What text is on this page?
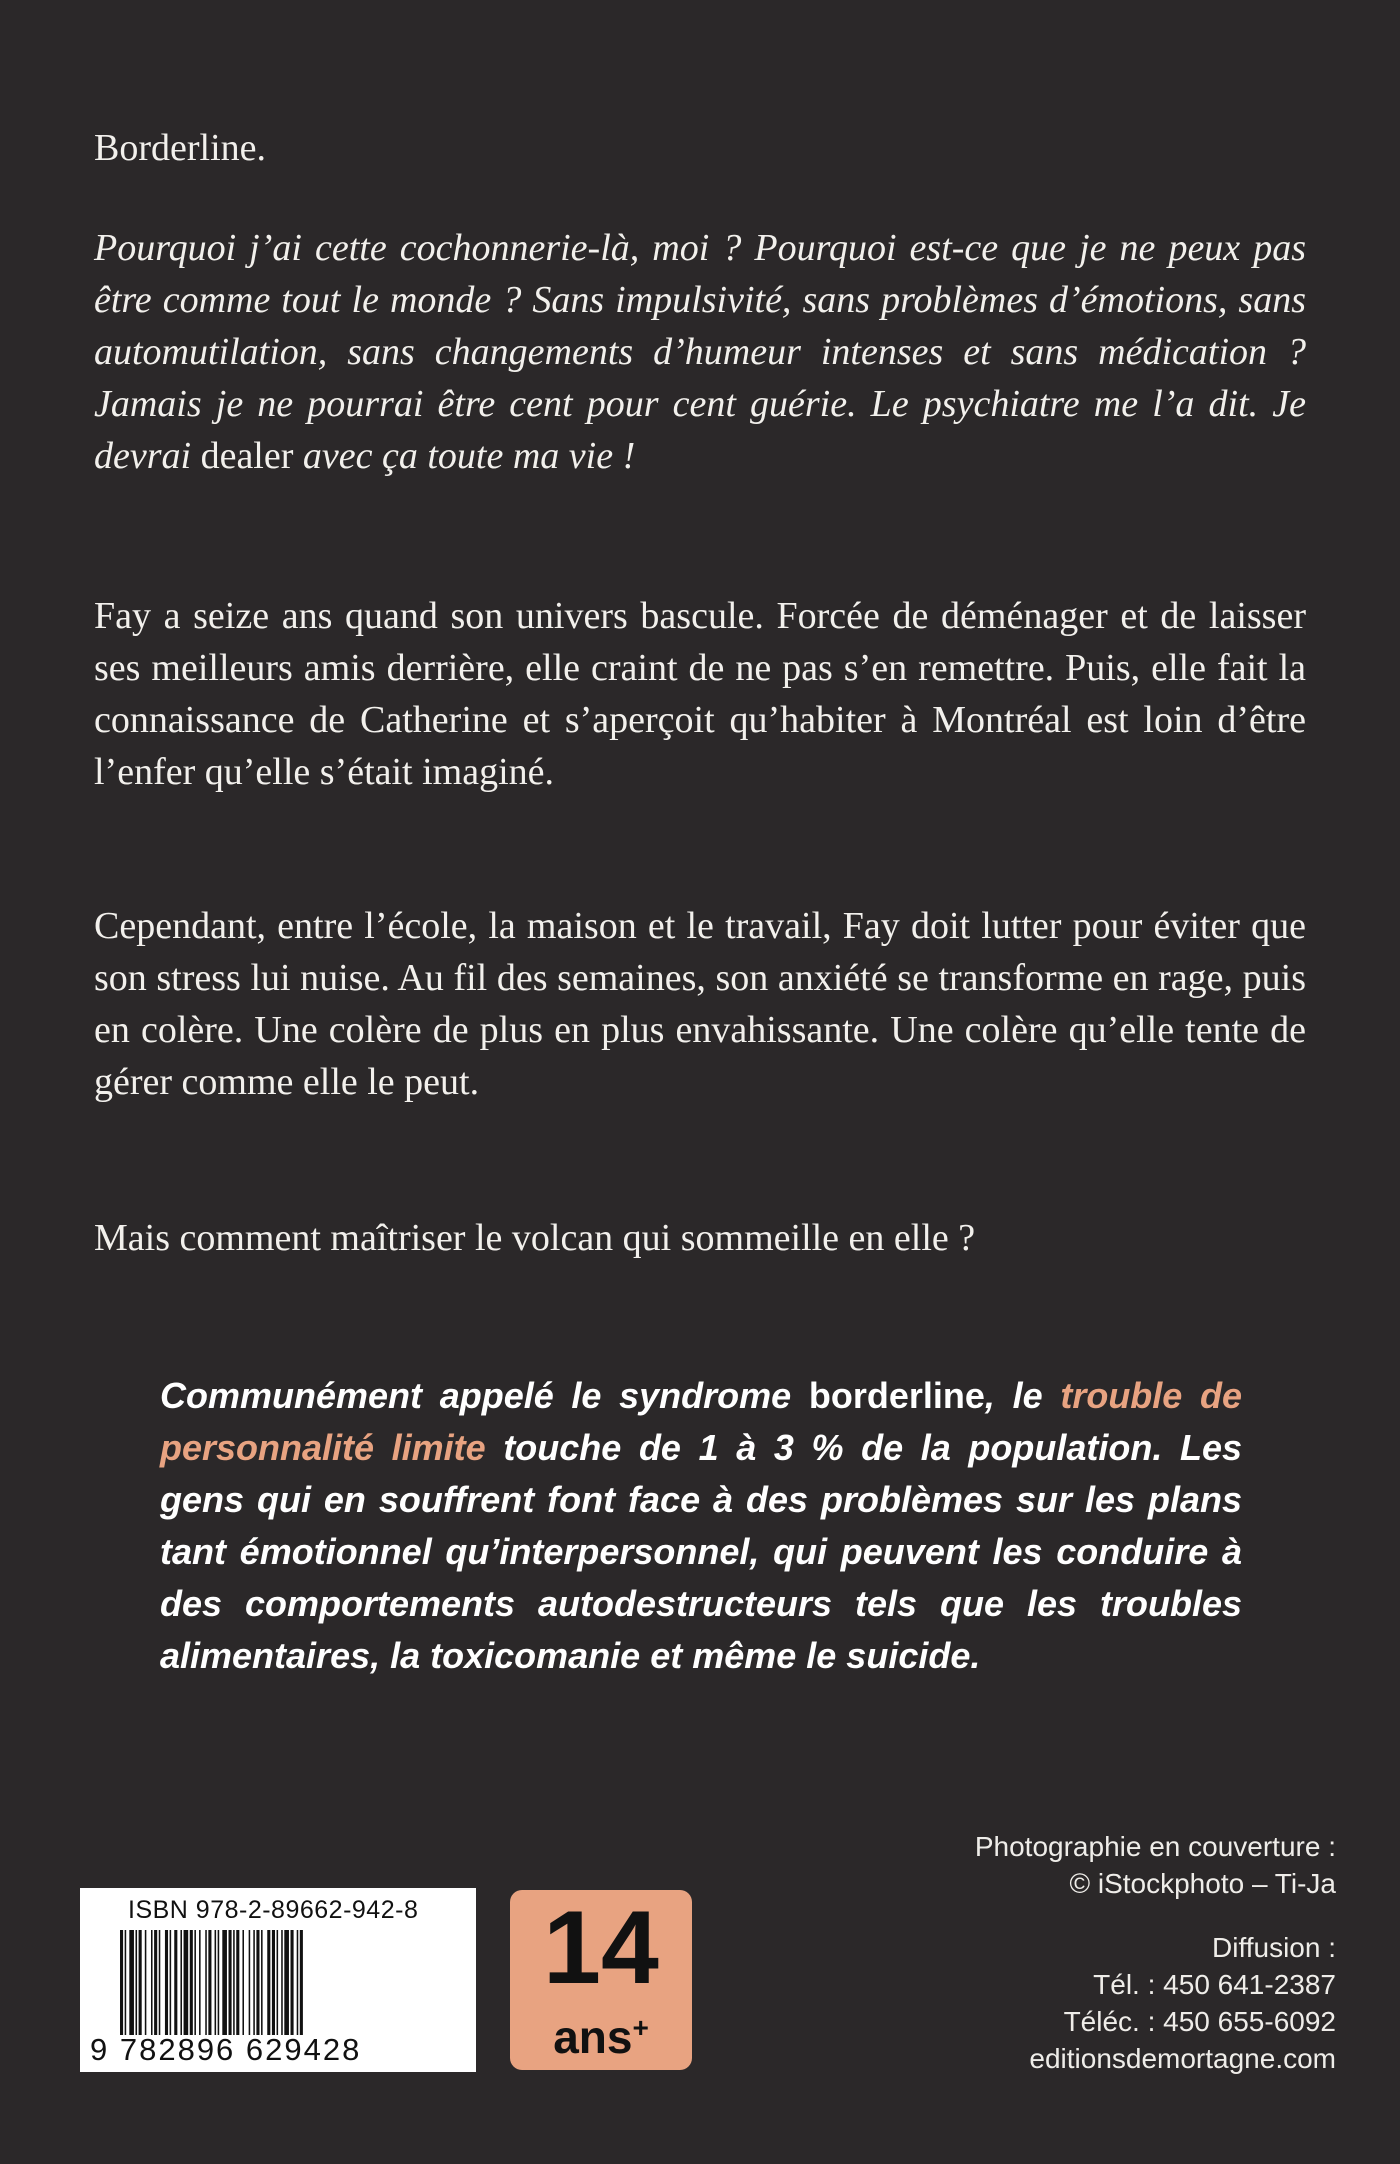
Borderline.

Pourquoi j’ai cette cochonnerie-là, moi ? Pourquoi est-ce que je ne peux pas être comme tout le monde ? Sans impulsivité, sans problèmes d’émotions, sans automutilation, sans changements d’humeur intenses et sans médication ? Jamais je ne pourrai être cent pour cent guérie. Le psychiatre me l’a dit. Je devrai dealer avec ça toute ma vie !

Fay a seize ans quand son univers bascule. Forcée de déménager et de laisser ses meilleurs amis derrière, elle craint de ne pas s’en remettre. Puis, elle fait la connaissance de Catherine et s’aperçoit qu’habiter à Montréal est loin d’être l’enfer qu’elle s’était imaginé.

Cependant, entre l’école, la maison et le travail, Fay doit lutter pour éviter que son stress lui nuise. Au fil des semaines, son anxiété se transforme en rage, puis en colère. Une colère de plus en plus envahissante. Une colère qu’elle tente de gérer comme elle le peut.

Mais comment maîtriser le volcan qui sommeille en elle ?

Communément appelé le syndrome borderline, le trouble de personnalité limite touche de 1 à 3 % de la population. Les gens qui en souffrent font face à des problèmes sur les plans tant émotionnel qu’interpersonnel, qui peuvent les conduire à des comportements autodestructeurs tels que les troubles alimentaires, la toxicomanie et même le suicide.

Photographie en couverture :
© iStockphoto – Ti-Ja
Diffusion :
Tél. : 450 641-2387
Téléc. : 450 655-6092
editionsdemortagne.com
ISBN 978-2-89662-942-8
9 782896 629428
14
ans+
